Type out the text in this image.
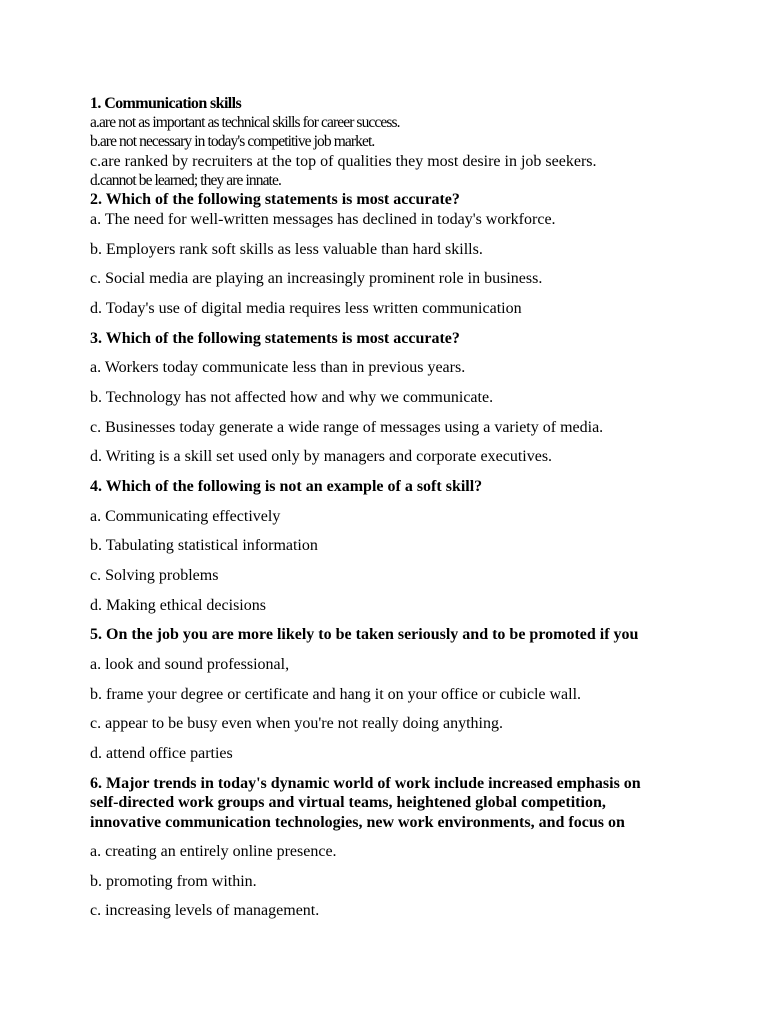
1. Communication skills
a.are not as important as technical skills for career success.
b.are not necessary in today's competitive job market.
c.are ranked by recruiters at the top of qualities they most desire in job seekers.
d.cannot be learned; they are innate.
2. Which of the following statements is most accurate?
a. The need for well-written messages has declined in today's workforce.
b. Employers rank soft skills as less valuable than hard skills.
c. Social media are playing an increasingly prominent role in business.
d. Today's use of digital media requires less written communication
3. Which of the following statements is most accurate?
a. Workers today communicate less than in previous years.
b. Technology has not affected how and why we communicate.
c. Businesses today generate a wide range of messages using a variety of media.
d. Writing is a skill set used only by managers and corporate executives.
4. Which of the following is not an example of a soft skill?
a. Communicating effectively
b. Tabulating statistical information
c. Solving problems
d. Making ethical decisions
5. On the job you are more likely to be taken seriously and to be promoted if you
a. look and sound professional,
b. frame your degree or certificate and hang it on your office or cubicle wall.
c. appear to be busy even when you're not really doing anything.
d. attend office parties
6. Major trends in today's dynamic world of work include increased emphasis on
self-directed work groups and virtual teams, heightened global competition,
innovative communication technologies, new work environments, and focus on
a. creating an entirely online presence.
b. promoting from within.
c. increasing levels of management.
